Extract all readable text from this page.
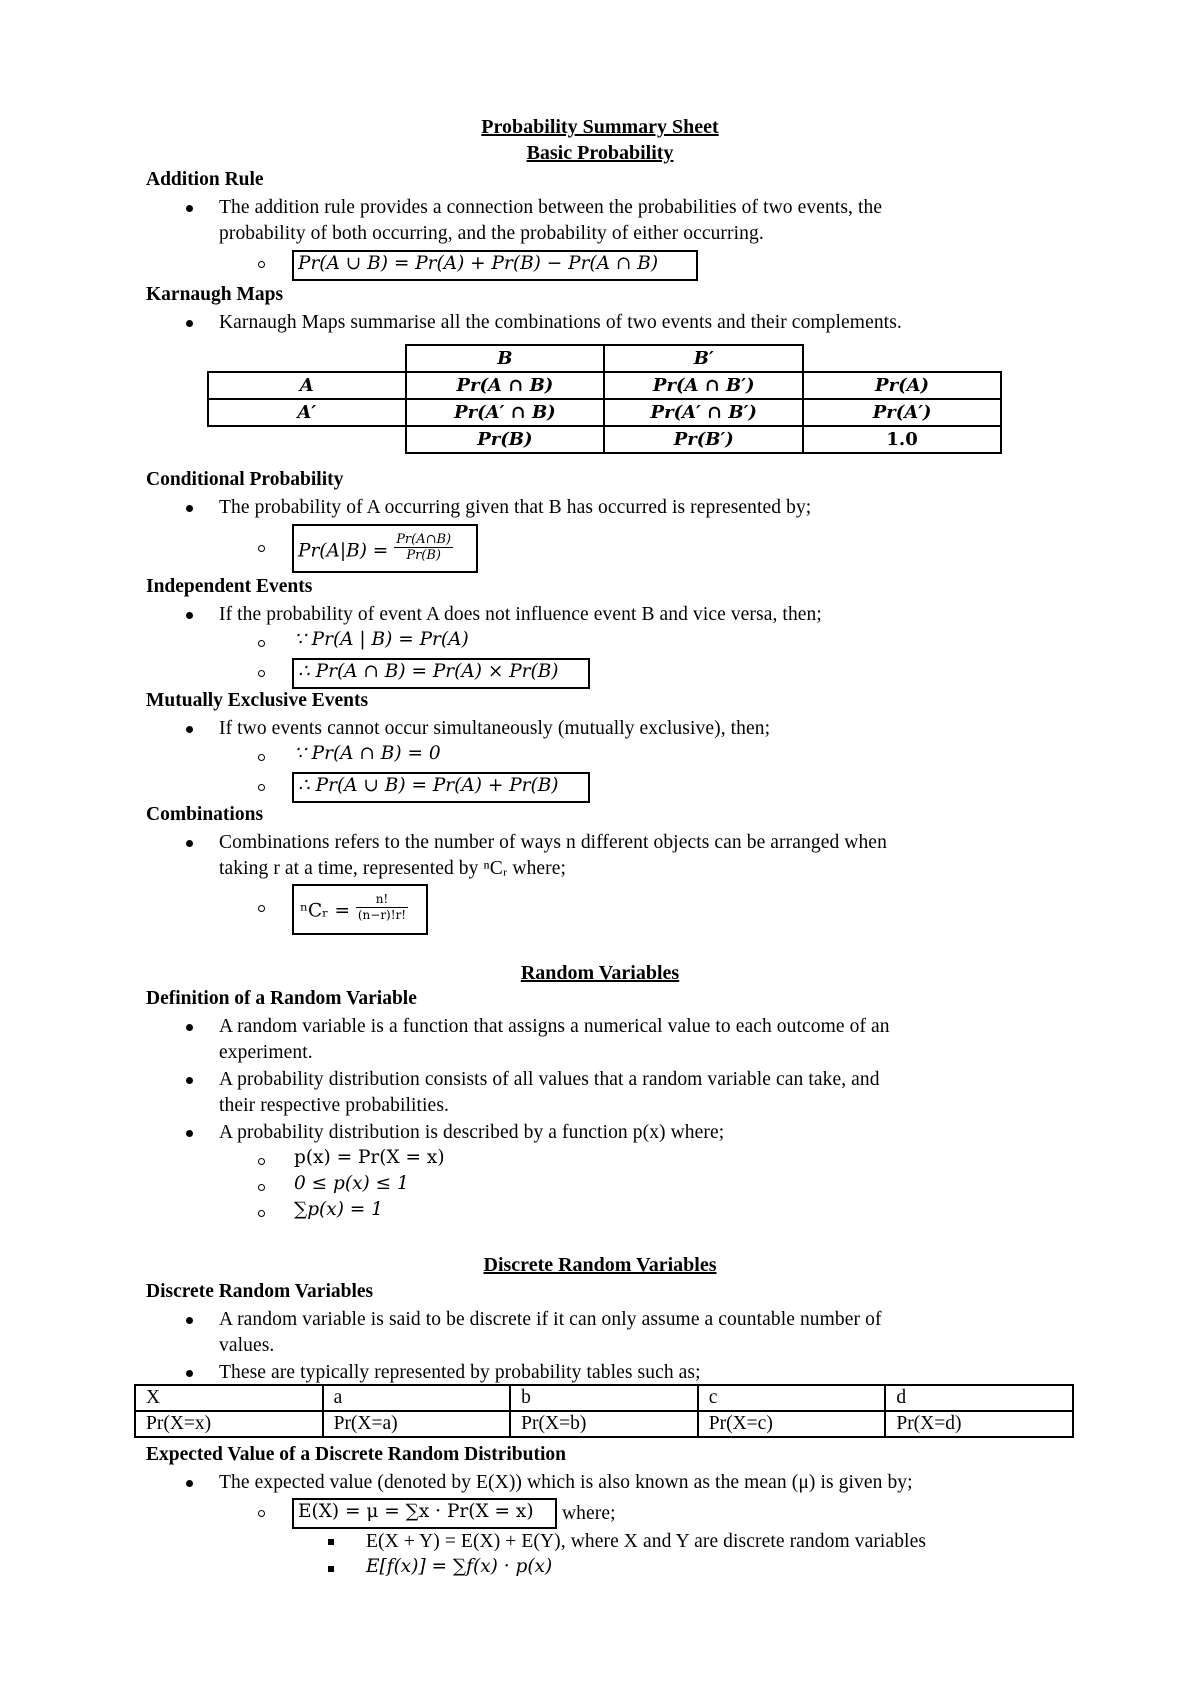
Probability Summary Sheet
Basic Probability
Addition Rule
The addition rule provides a connection between the probabilities of two events, the
probability of both occurring, and the probability of either occurring.
Pr(A ∪ B) = Pr(A) + Pr(B) − Pr(A ∩ B)
Karnaugh Maps
Karnaugh Maps summarise all the combinations of two events and their complements.
	B	B′	
A	Pr(A ∩ B)	Pr(A ∩ B′)	Pr(A)
A′	Pr(A′ ∩ B)	Pr(A′ ∩ B′)	Pr(A′)
	Pr(B)	Pr(B′)	1.0
Conditional Probability
The probability of A occurring given that B has occurred is represented by;
$Pr(A|B) = \frac{Pr(A\cap B)}{Pr(B)}$
Independent Events
If the probability of event A does not influence event B and vice versa, then;
∵ Pr(A | B) = Pr(A)
∴ Pr(A ∩ B) = Pr(A) × Pr(B)
Mutually Exclusive Events
If two events cannot occur simultaneously (mutually exclusive), then;
∵ Pr(A ∩ B) = 0
∴ Pr(A ∪ B) = Pr(A) + Pr(B)
Combinations
Combinations refers to the number of ways n different objects can be arranged when
taking r at a time, represented by ⁿCᵣ where;
ⁿCᵣ = $\frac{n!}{(n-r)!r!}$
Random Variables
Definition of a Random Variable
A random variable is a function that assigns a numerical value to each outcome of an
experiment.
A probability distribution consists of all values that a random variable can take, and
their respective probabilities.
A probability distribution is described by a function p(x) where;
p(x) = Pr(X = x)
0 ≤ p(x) ≤ 1
∑p(x) = 1
Discrete Random Variables
Discrete Random Variables
A random variable is said to be discrete if it can only assume a countable number of
values.
These are typically represented by probability tables such as;
X	a	b	c	d
Pr(X=x)	Pr(X=a)	Pr(X=b)	Pr(X=c)	Pr(X=d)
Expected Value of a Discrete Random Distribution
The expected value (denoted by E(X)) which is also known as the mean (μ) is given by;
E(X) = μ = ∑x · Pr(X = x) where;
E(X + Y) = E(X) + E(Y), where X and Y are discrete random variables
E[f(x)] = ∑f(x) · p(x)
